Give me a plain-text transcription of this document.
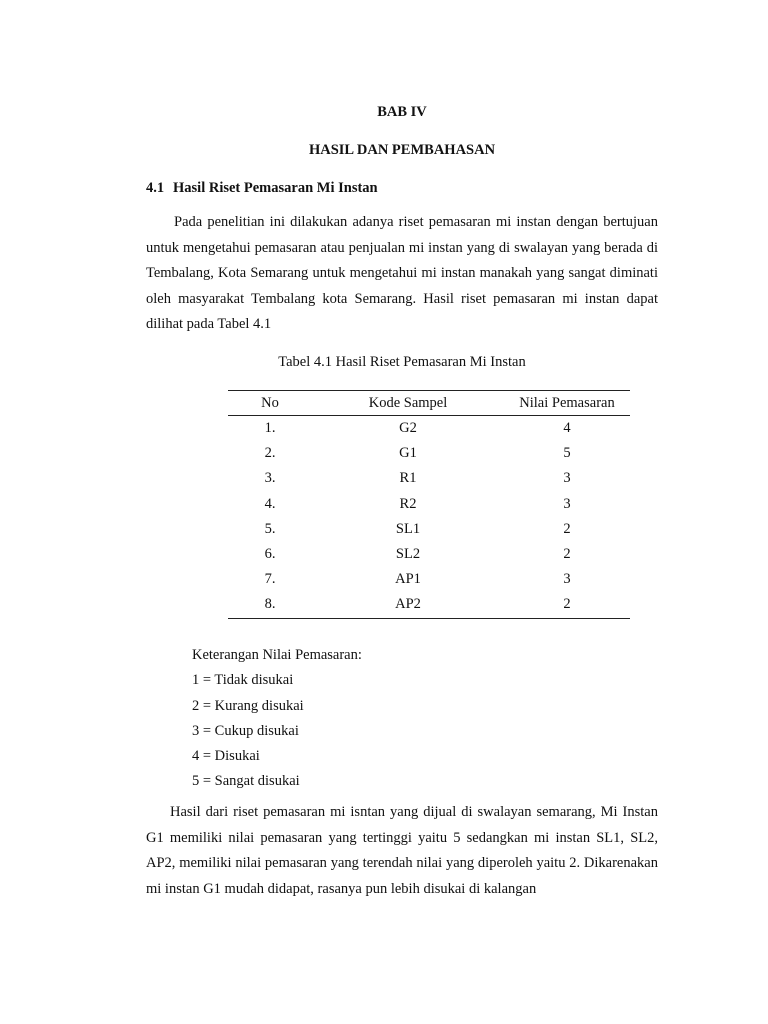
BAB IV
HASIL DAN PEMBAHASAN
4.1 Hasil Riset Pemasaran Mi Instan

Pada penelitian ini dilakukan adanya riset pemasaran mi instan dengan bertujuan untuk mengetahui pemasaran atau penjualan mi instan yang di swalayan yang berada di Tembalang, Kota Semarang untuk mengetahui mi instan manakah yang sangat diminati oleh masyarakat Tembalang kota Semarang. Hasil riset pemasaran mi instan dapat dilihat pada Tabel 4.1

Tabel 4.1 Hasil Riset Pemasaran Mi Instan
No	Kode Sampel	Nilai Pemasaran
1.	G2	4
2.	G1	5
3.	R1	3
4.	R2	3
5.	SL1	2
6.	SL2	2
7.	AP1	3
8.	AP2	2
Keterangan Nilai Pemasaran:
1 = Tidak disukai
2 = Kurang disukai
3 = Cukup disukai
4 = Disukai
5 = Sangat disukai

Hasil dari riset pemasaran mi isntan yang dijual di swalayan semarang, Mi Instan G1 memiliki nilai pemasaran yang tertinggi yaitu 5 sedangkan mi instan SL1, SL2, AP2, memiliki nilai pemasaran yang terendah nilai yang diperoleh yaitu 2. Dikarenakan mi instan G1 mudah didapat, rasanya pun lebih disukai di kalangan
